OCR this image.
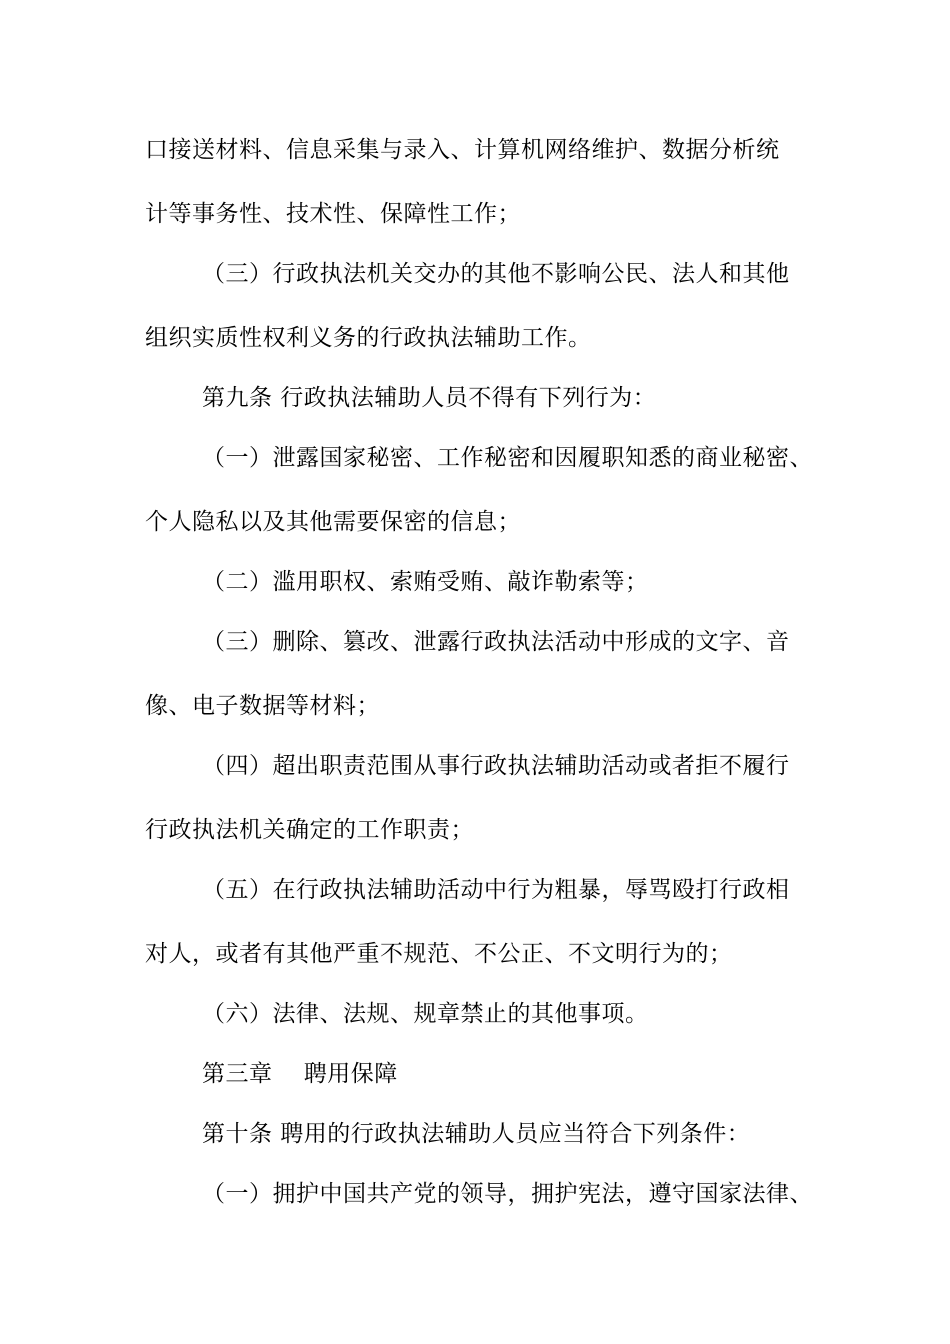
口接送材料、信息采集与录入、计算机网络维护、数据分析统
计等事务性、技术性、保障性工作；
（三）行政执法机关交办的其他不影响公民、法人和其他
组织实质性权利义务的行政执法辅助工作。
第九条 行政执法辅助人员不得有下列行为：
（一）泄露国家秘密、工作秘密和因履职知悉的商业秘密、
个人隐私以及其他需要保密的信息；
（二）滥用职权、索贿受贿、敲诈勒索等；
（三）删除、篡改、泄露行政执法活动中形成的文字、音
像、电子数据等材料；
（四）超出职责范围从事行政执法辅助活动或者拒不履行
行政执法机关确定的工作职责；
（五）在行政执法辅助活动中行为粗暴，辱骂殴打行政相
对人，或者有其他严重不规范、不公正、不文明行为的；
（六）法律、法规、规章禁止的其他事项。
第三章    聘用保障
第十条 聘用的行政执法辅助人员应当符合下列条件：
（一）拥护中国共产党的领导，拥护宪法，遵守国家法律、
